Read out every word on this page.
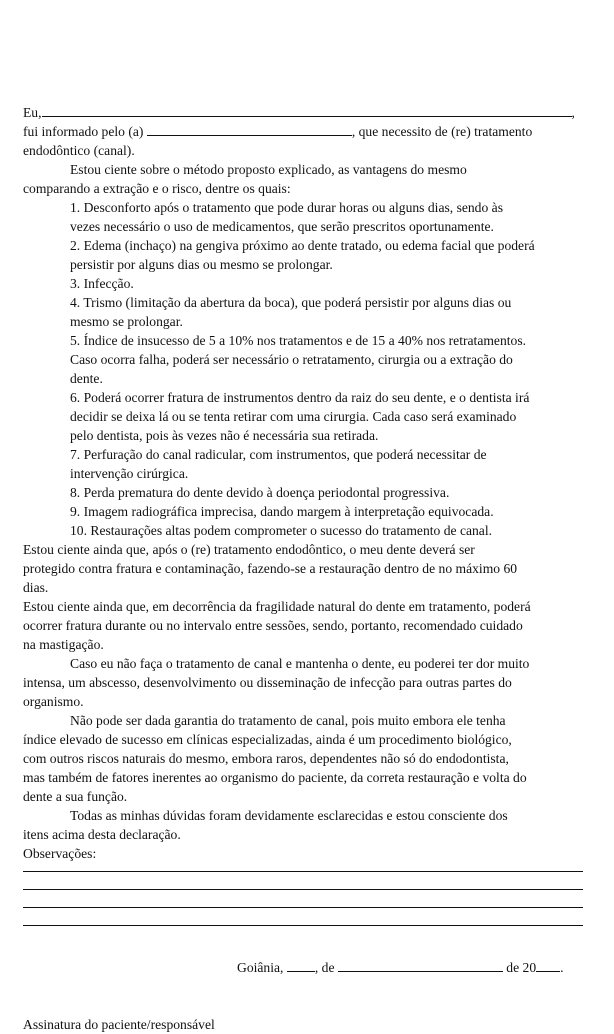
Eu,	,
fui informado pelo (a)	, que necessito de (re) tratamento
endodôntico (canal).
Estou ciente sobre o método proposto explicado, as vantagens do mesmo
comparando a extração e o risco, dentre os quais:
1. Desconforto após o tratamento que pode durar horas ou alguns dias, sendo às
vezes necessário o uso de medicamentos, que serão prescritos oportunamente.
2. Edema (inchaço) na gengiva próximo ao dente tratado, ou edema facial que poderá
persistir por alguns dias ou mesmo se prolongar.
3. Infecção.
4. Trismo (limitação da abertura da boca), que poderá persistir por alguns dias ou
mesmo se prolongar.
5. Índice de insucesso de 5 a 10% nos tratamentos e de 15 a 40% nos retratamentos.
Caso ocorra falha, poderá ser necessário o retratamento, cirurgia ou a extração do
dente.
6. Poderá ocorrer fratura de instrumentos dentro da raiz do seu dente, e o dentista irá
decidir se deixa lá ou se tenta retirar com uma cirurgia. Cada caso será examinado
pelo dentista, pois às vezes não é necessária sua retirada.
7. Perfuração do canal radicular, com instrumentos, que poderá necessitar de
intervenção cirúrgica.
8. Perda prematura do dente devido à doença periodontal progressiva.
9. Imagem radiográfica imprecisa, dando margem à interpretação equivocada.
10. Restaurações altas podem comprometer o sucesso do tratamento de canal.
Estou ciente ainda que, após o (re) tratamento endodôntico, o meu dente deverá ser
protegido contra fratura e contaminação, fazendo-se a restauração dentro de no máximo 60
dias.
Estou ciente ainda que, em decorrência da fragilidade natural do dente em tratamento, poderá
ocorrer fratura durante ou no intervalo entre sessões, sendo, portanto, recomendado cuidado
na mastigação.
Caso eu não faça o tratamento de canal e mantenha o dente, eu poderei ter dor muito
intensa, um abscesso, desenvolvimento ou disseminação de infecção para outras partes do
organismo.
Não pode ser dada garantia do tratamento de canal, pois muito embora ele tenha
índice elevado de sucesso em clínicas especializadas, ainda é um procedimento biológico,
com outros riscos naturais do mesmo, embora raros, dependentes não só do endodontista,
mas também de fatores inerentes ao organismo do paciente, da correta restauração e volta do
dente a sua função.
Todas as minhas dúvidas foram devidamente esclarecidas e estou consciente dos
itens acima desta declaração.
Observações:
Goiânia, , de	de 20 .
Assinatura do paciente/responsável
